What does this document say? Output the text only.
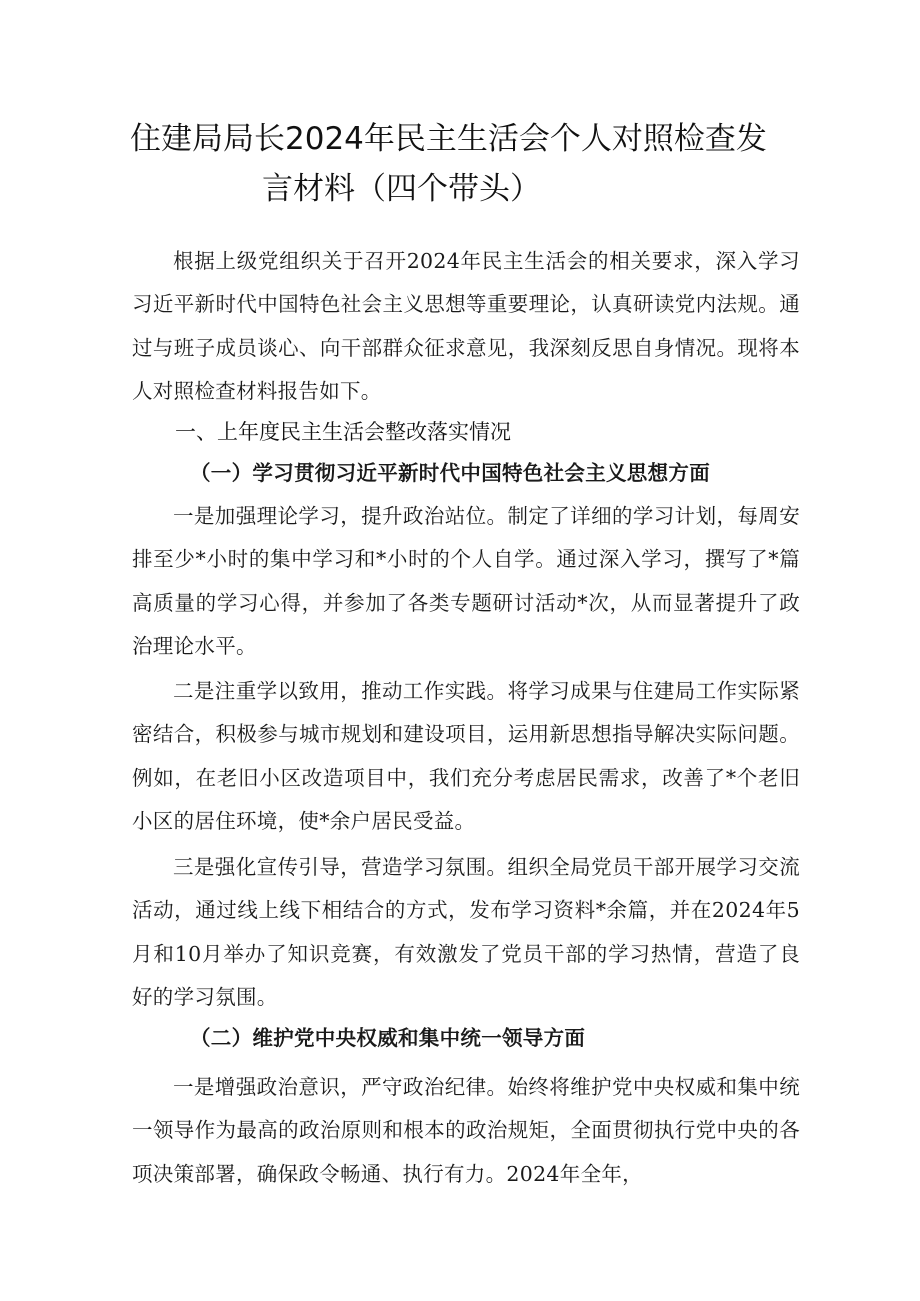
住建局局长2024年民主生活会个人对照检查发
言材料（四个带头）

根据上级党组织关于召开2024年民主生活会的相关要求，深入学习习近平新时代中国特色社会主义思想等重要理论，认真研读党内法规。通过与班子成员谈心、向干部群众征求意见，我深刻反思自身情况。现将本人对照检查材料报告如下。

一、上年度民主生活会整改落实情况
（一）学习贯彻习近平新时代中国特色社会主义思想方面

一是加强理论学习，提升政治站位。制定了详细的学习计划，每周安排至少*小时的集中学习和*小时的个人自学。通过深入学习，撰写了*篇高质量的学习心得，并参加了各类专题研讨活动*次，从而显著提升了政治理论水平。

二是注重学以致用，推动工作实践。将学习成果与住建局工作实际紧密结合，积极参与城市规划和建设项目，运用新思想指导解决实际问题。例如，在老旧小区改造项目中，我们充分考虑居民需求，改善了*个老旧小区的居住环境，使*余户居民受益。

三是强化宣传引导，营造学习氛围。组织全局党员干部开展学习交流活动，通过线上线下相结合的方式，发布学习资料*余篇，并在2024年5月和10月举办了知识竞赛，有效激发了党员干部的学习热情，营造了良好的学习氛围。

（二）维护党中央权威和集中统一领导方面

一是增强政治意识，严守政治纪律。始终将维护党中央权威和集中统一领导作为最高的政治原则和根本的政治规矩，全面贯彻执行党中央的各项决策部署，确保政令畅通、执行有力。2024年全年，
